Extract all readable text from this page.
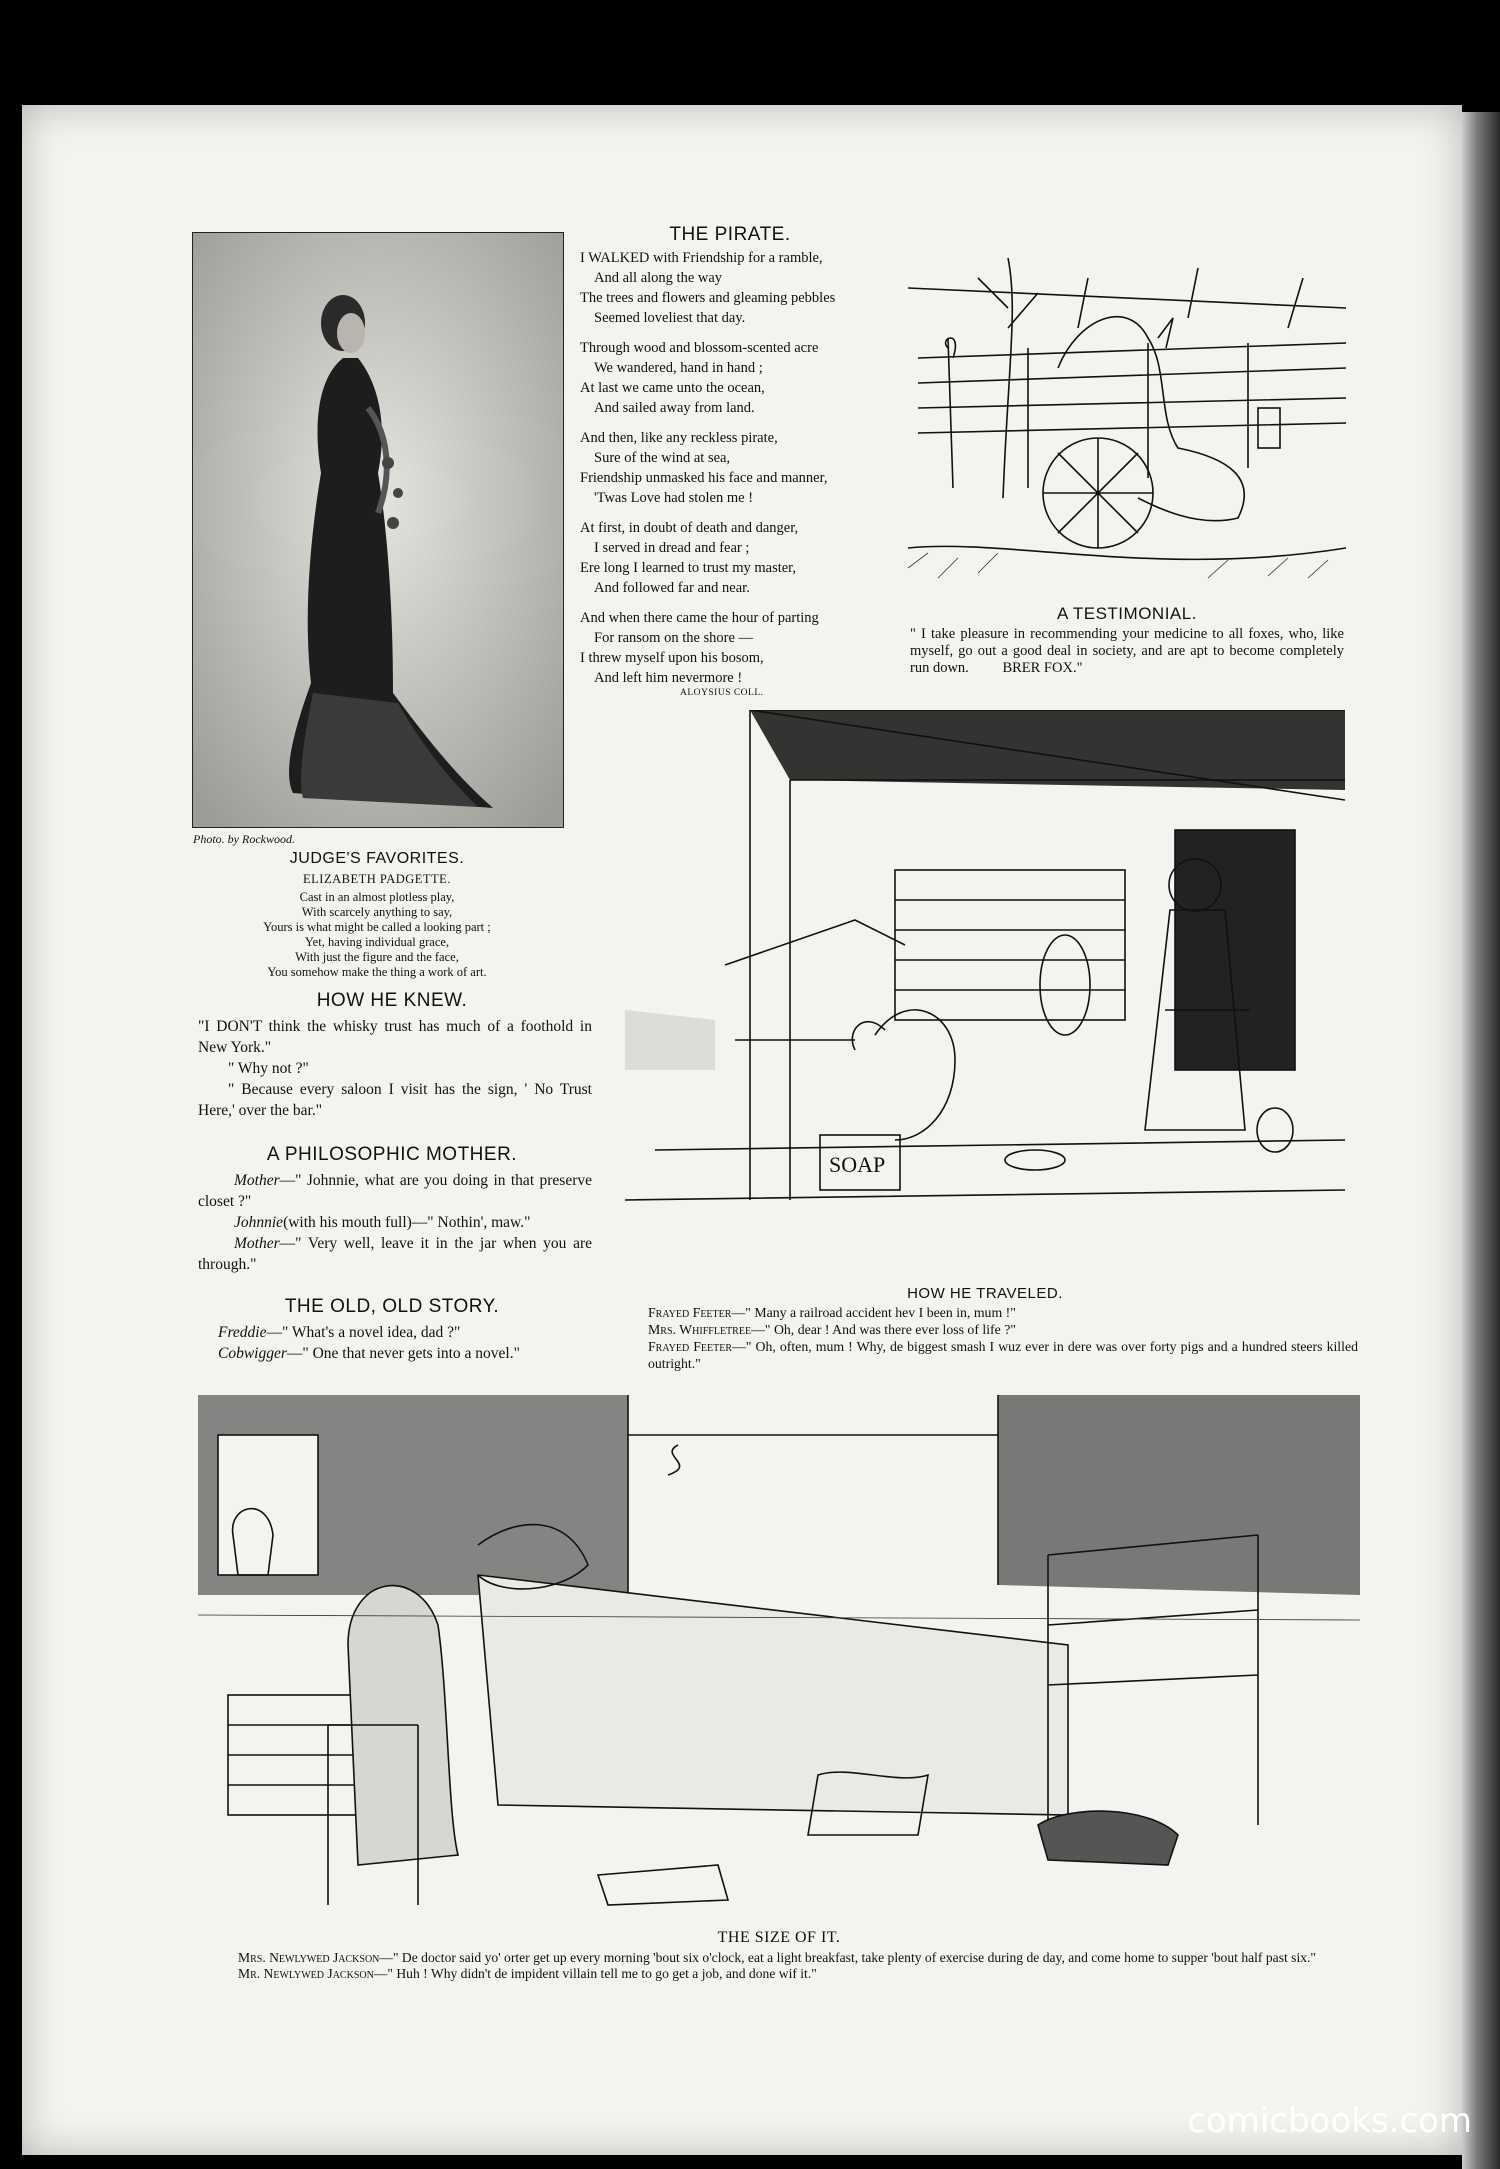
Photo. by Rockwood.
JUDGE'S FAVORITES.
ELIZABETH PADGETTE.
Cast in an almost plotless play,
With scarcely anything to say,
Yours is what might be called a looking part ;
Yet, having individual grace,
With just the figure and the face,
You somehow make the thing a work of art.
HOW HE KNEW.
"I DON'T think the whisky trust has much of a foothold in New York."
" Why not ?"
" Because every saloon I visit has the sign, ' No Trust Here,' over the bar."
A PHILOSOPHIC MOTHER.
Mother—" Johnnie, what are you doing in that preserve closet ?"
Johnnie(with his mouth full)—" Nothin', maw."
Mother—" Very well, leave it in the jar when you are through."
THE OLD, OLD STORY.
Freddie—" What's a novel idea, dad ?"
Cobwigger—" One that never gets into a novel."
THE PIRATE.
I WALKED with Friendship for a ramble,
And all along the way
The trees and flowers and gleaming pebbles
Seemed loveliest that day.
Through wood and blossom-scented acre
We wandered, hand in hand ;
At last we came unto the ocean,
And sailed away from land.
And then, like any reckless pirate,
Sure of the wind at sea,
Friendship unmasked his face and manner,
'Twas Love had stolen me !
At first, in doubt of death and danger,
I served in dread and fear ;
Ere long I learned to trust my master,
And followed far and near.
And when there came the hour of parting
For ransom on the shore —
I threw myself upon his bosom,
And left him nevermore !
ALOYSIUS COLL.
A TESTIMONIAL.
" I take pleasure in recommending your medicine to all foxes, who, like myself, go out a good deal in society, and are apt to become completely run down. BRER FOX."
SOAP
HOW HE TRAVELED.
Frayed Feeter—" Many a railroad accident hev I been in, mum !"
Mrs. Whiffletree—" Oh, dear ! And was there ever loss of life ?"
Frayed Feeter—" Oh, often, mum ! Why, de biggest smash I wuz ever in dere was over forty pigs and a hundred steers killed outright."
THE SIZE OF IT.
Mrs. Newlywed Jackson—" De doctor said yo' orter get up every morning 'bout six o'clock, eat a light breakfast, take plenty of exercise during de day, and come home to supper 'bout half past six."
Mr. Newlywed Jackson—" Huh ! Why didn't de impident villain tell me to go get a job, and done wif it."
comicbooks.com
